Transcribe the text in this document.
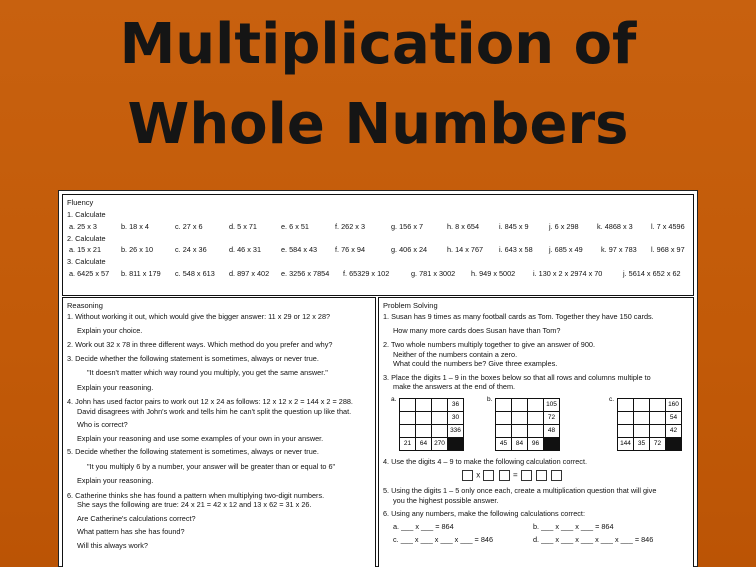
Multiplication of
Whole Numbers
Fluency
1. Calculate
a. 25 x 3	b. 18 x 4	c. 27 x 6	d. 5 x 71	e. 6 x 51	f. 262 x 3	g. 156 x 7	h. 8 x 654	i. 845 x 9	j. 6 x 298	k. 4868 x 3	l. 7 x 4596
2. Calculate
a. 15 x 21	b. 26 x 10	c. 24 x 36	d. 46 x 31	e. 584 x 43 f. 76 x 94	g. 406 x 24	h. 14 x 767 i. 643 x 58 j. 685 x 49	k. 97 x 783 l. 968 x 97
3. Calculate
a. 6425 x 57 b. 811 x 179 c. 548 x 613 d. 897 x 402 e. 3256 x 7854 f. 65329 x 102	g. 781 x 3002 h. 949 x 5002 i. 130 x 2 x 2974 x 70	j. 5614 x 652 x 62
Reasoning
1. Without working it out, which would give the bigger answer: 11 x 29 or 12 x 28?
Explain your choice.
2. Work out 32 x 78 in three different ways. Which method do you prefer and why?
3. Decide whether the following statement is sometimes, always or never true.
"It doesn't matter which way round you multiply, you get the same answer."
Explain your reasoning.
4. John has used factor pairs to work out 12 x 24 as follows: 12 x 12 x 2 = 144 x 2 = 288.
David disagrees with John's work and tells him he can't split the question up like that.
Who is correct?
Explain your reasoning and use some examples of your own in your answer.
5. Decide whether the following statement is sometimes, always or never true.
"It you multiply 6 by a number, your answer will be greater than or equal to 6"
Explain your reasoning.
6. Catherine thinks she has found a pattern when multiplying two-digit numbers.
She says the following are true: 24 x 21 = 42 x 12 and 13 x 62 = 31 x 26.
Are Catherine's calculations correct?
What pattern has she has found?
Will this always work?
Problem Solving
1. Susan has 9 times as many football cards as Tom. Together they have 150 cards.
How many more cards does Susan have than Tom?
2. Two whole numbers multiply together to give an answer of 900.
Neither of the numbers contain a zero.
What could the numbers be? Give three examples.
3. Place the digits 1 – 9 in the boxes below so that all rows and columns multiple to
make the answers at the end of them.
a.
			36
			30
			336
21	64	270	
b.
			105
			72
			48
45	84	96	
c.
			160
			54
			42
144	35	72	
4. Use the digits 4 – 9 to make the following calculation correct.
x	=
5. Using the digits 1 – 5 only once each, create a multiplication question that will give
you the highest possible answer.
6. Using any numbers, make the following calculations correct:
a. ___ x ___ = 864	b. ___ x ___ x ___ = 864
c. ___ x ___ x ___ x ___ = 846	d. ___ x ___ x ___ x ___ x ___ = 846
